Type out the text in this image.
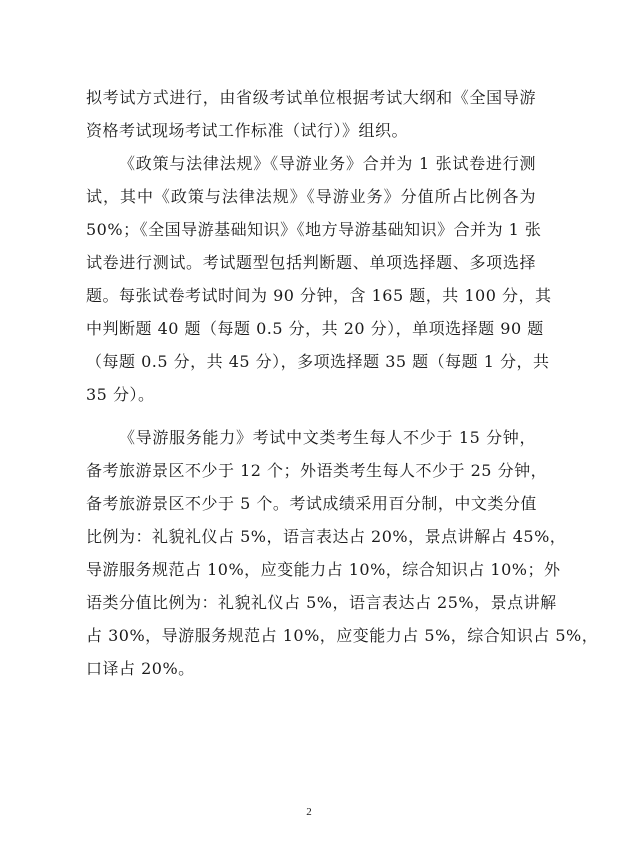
拟考试方式进行，由省级考试单位根据考试大纲和《全国导游
资格考试现场考试工作标准（试行）》组织。
《政策与法律法规》《导游业务》合并为 1 张试卷进行测
试，其中《政策与法律法规》《导游业务》分值所占比例各为
50%；《全国导游基础知识》《地方导游基础知识》合并为 1 张
试卷进行测试。考试题型包括判断题、单项选择题、多项选择
题。每张试卷考试时间为 90 分钟，含 165 题，共 100 分，其
中判断题 40 题（每题 0.5 分，共 20 分），单项选择题 90 题
（每题 0.5 分，共 45 分），多项选择题 35 题（每题 1 分，共
35 分）。
《导游服务能力》考试中文类考生每人不少于 15 分钟，
备考旅游景区不少于 12 个；外语类考生每人不少于 25 分钟，
备考旅游景区不少于 5 个。考试成绩采用百分制，中文类分值
比例为：礼貌礼仪占 5%，语言表达占 20%，景点讲解占 45%，
导游服务规范占 10%，应变能力占 10%，综合知识占 10%；外
语类分值比例为：礼貌礼仪占 5%，语言表达占 25%，景点讲解
占 30%，导游服务规范占 10%，应变能力占 5%，综合知识占 5%，
口译占 20%。
2
